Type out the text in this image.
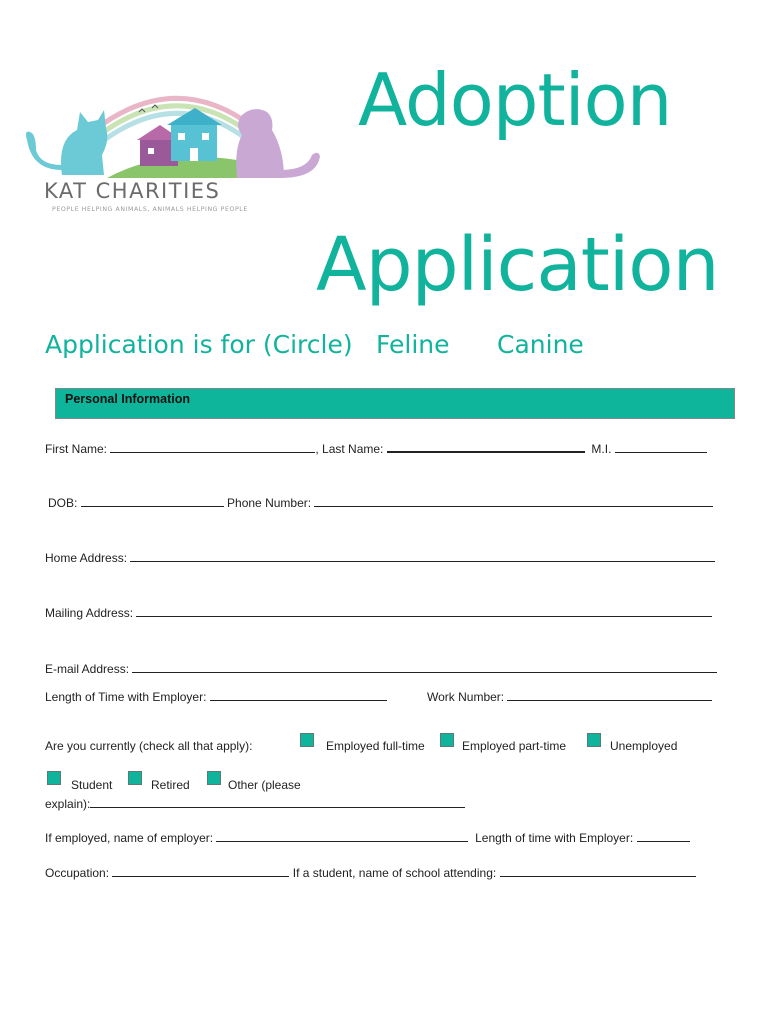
KAT CHARITIES
PEOPLE HELPING ANIMALS, ANIMALS HELPING PEOPLE
Adoption
Application
Application is for (Circle) Feline Canine
Personal Information
First Name:	, Last Name:	M.I.
DOB:	Phone Number:
Home Address:
Mailing Address:
E-mail Address:
Length of Time with Employer:	Work Number:
Are you currently (check all that apply):	Employed full-time	Employed part-time	Unemployed
Student	Retired	Other (please
explain):
If employed, name of employer:	Length of time with Employer:
Occupation:	If a student, name of school attending:
